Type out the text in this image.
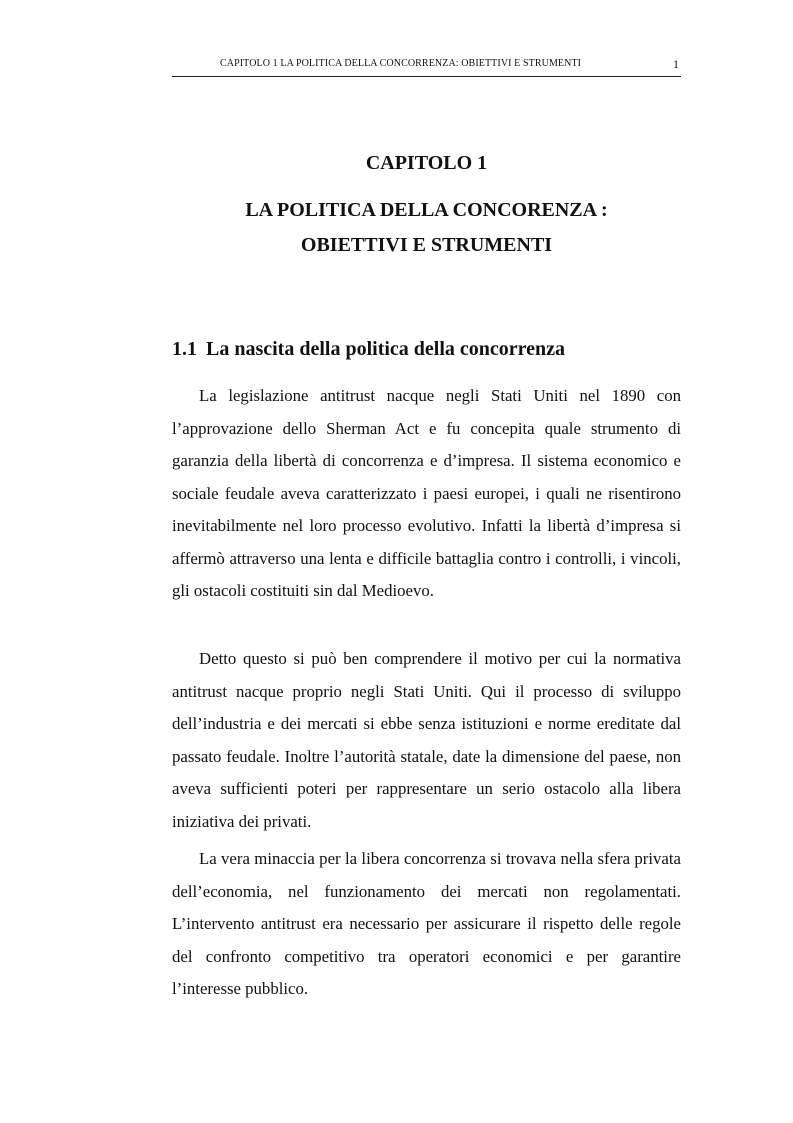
CAPITOLO 1 LA POLITICA DELLA CONCORRENZA: OBIETTIVI E STRUMENTI	1
CAPITOLO 1
LA POLITICA DELLA CONCORENZA :
OBIETTIVI E STRUMENTI
1.1 La nascita della politica della concorrenza

La legislazione antitrust nacque negli Stati Uniti nel 1890 con l’approvazione dello Sherman Act e fu concepita quale strumento di garanzia della libertà di concorrenza e d’impresa. Il sistema economico e sociale feudale aveva caratterizzato i paesi europei, i quali ne risentirono inevitabilmente nel loro processo evolutivo. Infatti la libertà d’impresa si affermò attraverso una lenta e difficile battaglia contro i controlli, i vincoli, gli ostacoli costituiti sin dal Medioevo.

Detto questo si può ben comprendere il motivo per cui la normativa antitrust nacque proprio negli Stati Uniti. Qui il processo di sviluppo dell’industria e dei mercati si ebbe senza istituzioni e norme ereditate dal passato feudale. Inoltre l’autorità statale, date la dimensione del paese, non aveva sufficienti poteri per rappresentare un serio ostacolo alla libera iniziativa dei privati.

La vera minaccia per la libera concorrenza si trovava nella sfera privata dell’economia, nel funzionamento dei mercati non regolamentati. L’intervento antitrust era necessario per assicurare il rispetto delle regole del confronto competitivo tra operatori economici e per garantire l’interesse pubblico.
